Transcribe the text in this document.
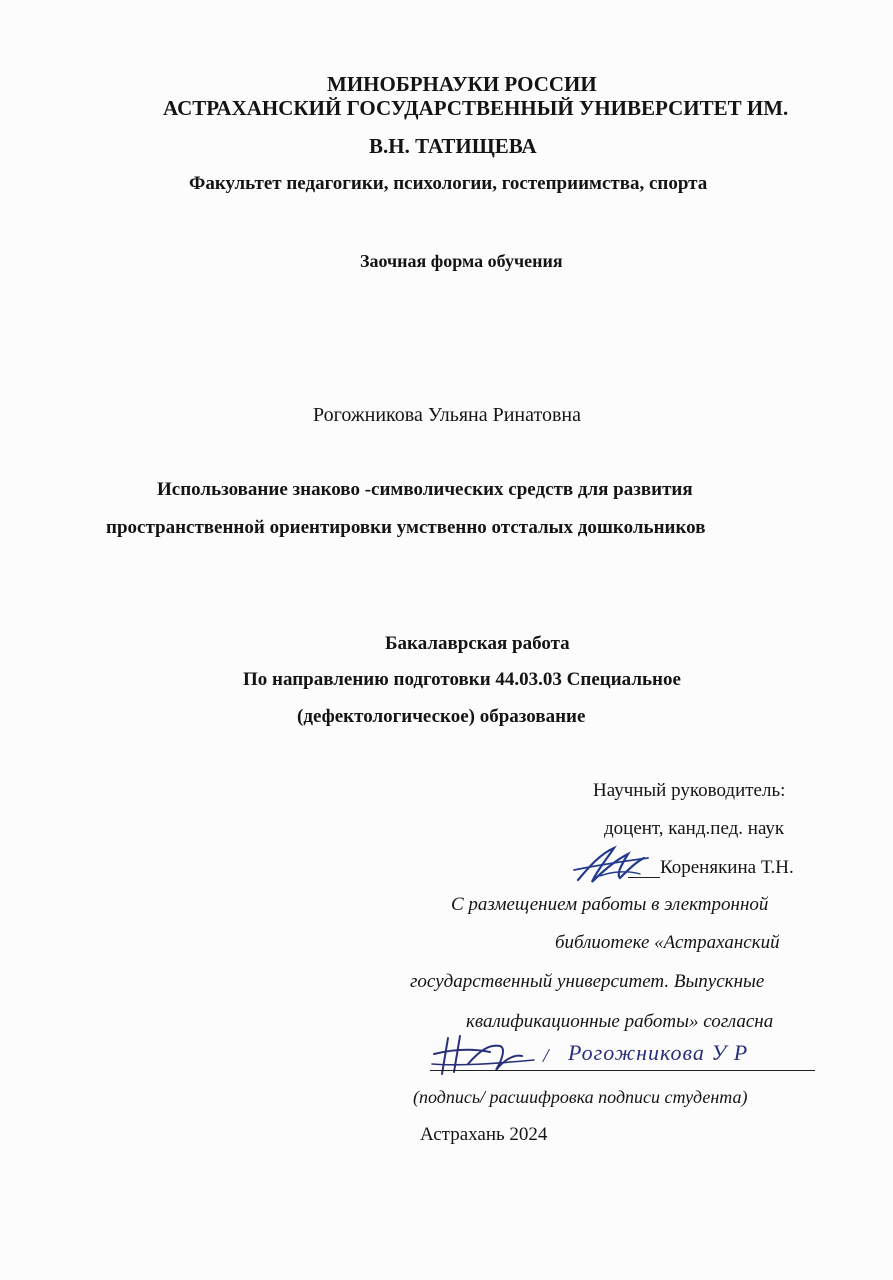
МИНОБРНАУКИ РОССИИ
АСТРАХАНСКИЙ ГОСУДАРСТВЕННЫЙ УНИВЕРСИТЕТ ИМ.
В.Н. ТАТИЩЕВА
Факультет педагогики, психологии, гостеприимства, спорта
Заочная форма обучения
Рогожникова Ульяна Ринатовна
Использование знаково -символических средств для развития
пространственной ориентировки умственно отсталых дошкольников
Бакалаврская работа
По направлению подготовки 44.03.03 Специальное
(дефектологическое) образование
Научный руководитель:
доцент, канд.пед. наук
Коренякина Т.Н.
С размещением работы в электронной
библиотеке «Астраханский
государственный университет. Выпускные
квалификационные работы» согласна
/ Рогожникова У Р
(подпись/ расшифровка подписи студента)
Астрахань 2024
